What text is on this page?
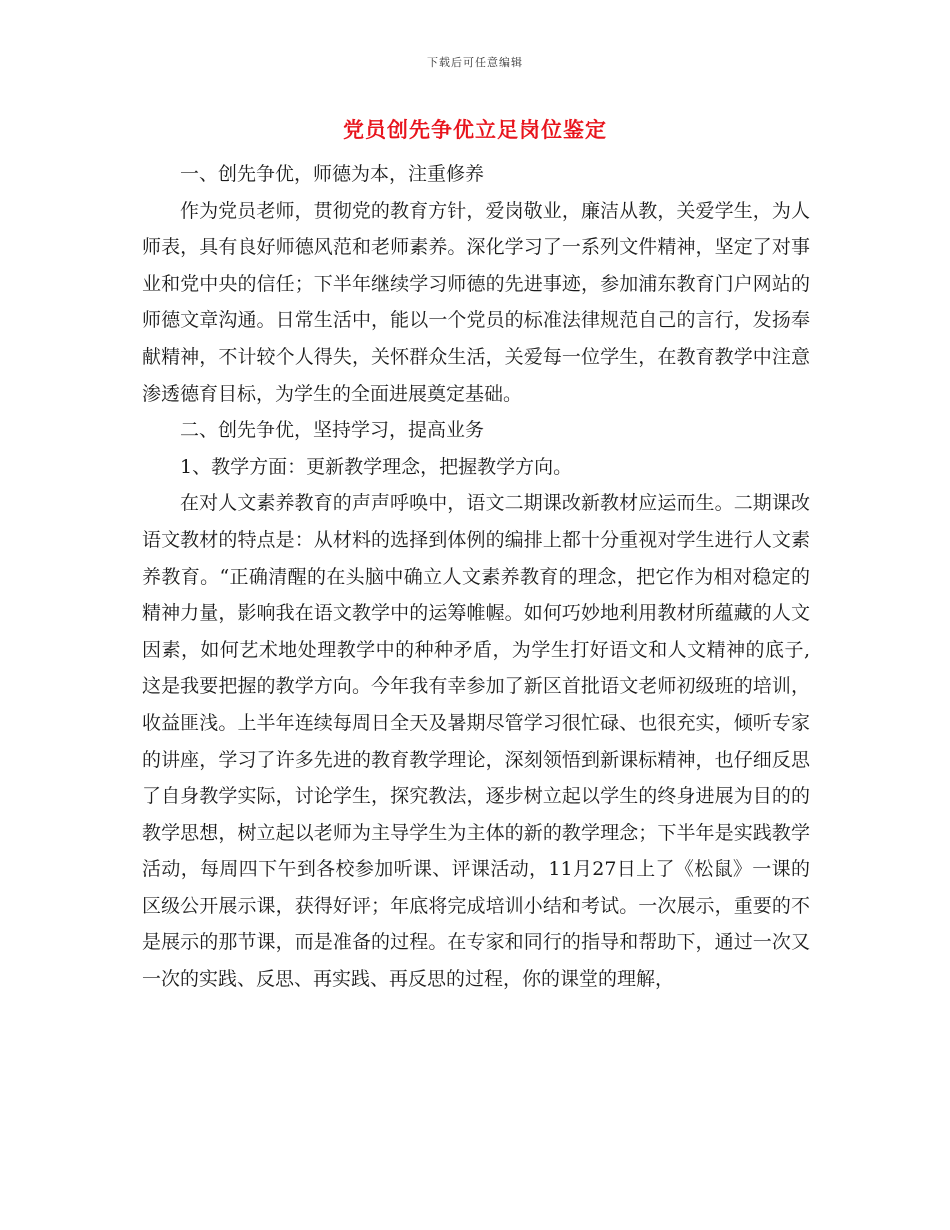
下载后可任意编辑
党员创先争优立足岗位鉴定

一、创先争优，师德为本，注重修养

作为党员老师，贯彻党的教育方针，爱岗敬业，廉洁从教，关爱学生，为人师表，具有良好师德风范和老师素养。深化学习了一系列文件精神，坚定了对事业和党中央的信任；下半年继续学习师德的先进事迹，参加浦东教育门户网站的师德文章沟通。日常生活中，能以一个党员的标准法律规范自己的言行，发扬奉献精神，不计较个人得失，关怀群众生活，关爱每一位学生，在教育教学中注意渗透德育目标，为学生的全面进展奠定基础。

二、创先争优，坚持学习，提高业务

1、教学方面：更新教学理念，把握教学方向。

在对人文素养教育的声声呼唤中，语文二期课改新教材应运而生。二期课改语文教材的特点是：从材料的选择到体例的编排上都十分重视对学生进行人文素养教育。“正确清醒的在头脑中确立人文素养教育的理念，把它作为相对稳定的精神力量，影响我在语文教学中的运筹帷幄。如何巧妙地利用教材所蕴藏的人文因素，如何艺术地处理教学中的种种矛盾，为学生打好语文和人文精神的底子,这是我要把握的教学方向。今年我有幸参加了新区首批语文老师初级班的培训，收益匪浅。上半年连续每周日全天及暑期尽管学习很忙碌、也很充实，倾听专家的讲座，学习了许多先进的教育教学理论，深刻领悟到新课标精神，也仔细反思了自身教学实际，讨论学生，探究教法，逐步树立起以学生的终身进展为目的的教学思想，树立起以老师为主导学生为主体的新的教学理念；下半年是实践教学活动，每周四下午到各校参加听课、评课活动，11月27日上了《松鼠》一课的区级公开展示课，获得好评；年底将完成培训小结和考试。一次展示，重要的不是展示的那节课，而是准备的过程。在专家和同行的指导和帮助下，通过一次又一次的实践、反思、再实践、再反思的过程，你的课堂的理解，
